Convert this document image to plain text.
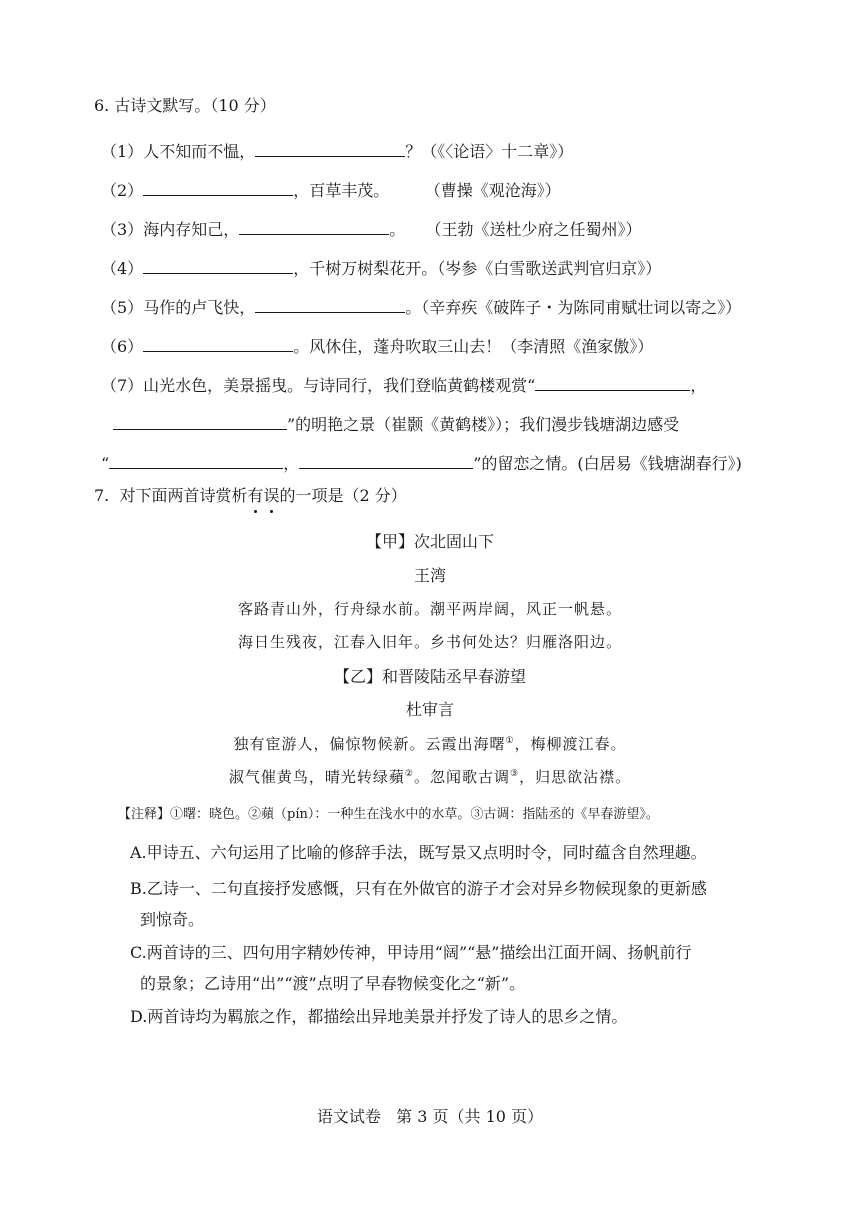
6. 古诗文默写。（10 分）
（1）人不知而不愠，	？（《〈论语〉十二章》）
（2）	，百草丰茂。       （曹操《观沧海》）
（3）海内存知己，	。    （王勃《送杜少府之任蜀州》）
（4）	，千树万树梨花开。（岑参《白雪歌送武判官归京》）
（5）马作的卢飞快，	。（辛弃疾《破阵子・为陈同甫赋壮词以寄之》）
（6）	。风休住，蓬舟吹取三山去！（李清照《渔家傲》）
（7）山光水色，美景摇曳。与诗同行，我们登临黄鹤楼观赏“	，
”的明艳之景（崔颢《黄鹤楼》）；我们漫步钱塘湖边感受
“	，	”的留恋之情。(白居易《钱塘湖春行》)
7.  对下面两首诗赏析有误的一项是（2 分）
【甲】次北固山下
王湾
客路青山外，行舟绿水前。潮平两岸阔，风正一帆悬。
海日生残夜，江春入旧年。乡书何处达？归雁洛阳边。
【乙】和晋陵陆丞早春游望
杜审言
独有宦游人，偏惊物候新。云霞出海曙①，梅柳渡江春。
淑气催黄鸟，晴光转绿蘋②。忽闻歌古调③，归思欲沾襟。
【注释】①曙：晓色。②蘋（pín）：一种生在浅水中的水草。③古调：指陆丞的《早春游望》。
A.甲诗五、六句运用了比喻的修辞手法，既写景又点明时令，同时蕴含自然理趣。
B.乙诗一、二句直接抒发感慨，只有在外做官的游子才会对异乡物候现象的更新感
到惊奇。
C.两首诗的三、四句用字精妙传神，甲诗用“阔”“悬”描绘出江面开阔、扬帆前行
的景象；乙诗用“出”“渡”点明了早春物候变化之“新”。
D.两首诗均为羁旅之作，都描绘出异地美景并抒发了诗人的思乡之情。
语文试卷   第 3 页（共 10 页）
